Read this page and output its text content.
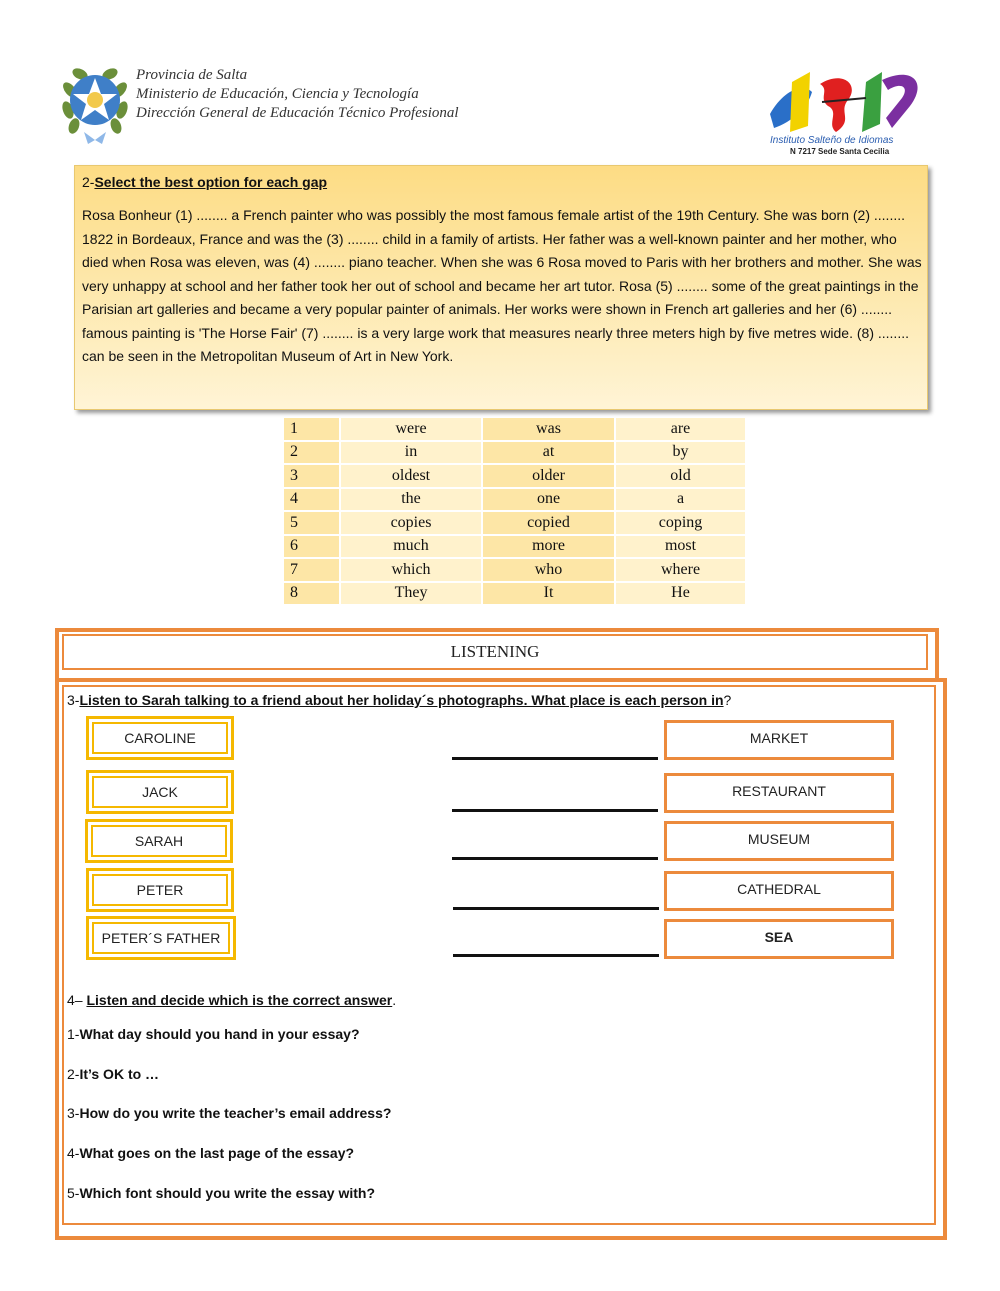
Provincia de Salta
Ministerio de Educación, Ciencia y Tecnología
Dirección General de Educación Técnico Profesional
Instituto Salteño de Idiomas
N 7217 Sede Santa Cecilia
2-Select the best option for each gap
Rosa Bonheur (1) ........ a French painter who was possibly the most famous female artist of the 19th Century. She was born (2) ........ 1822 in Bordeaux, France and was the (3) ........ child in a family of artists. Her father was a well-known painter and her mother, who died when Rosa was eleven, was (4) ........ piano teacher. When she was 6 Rosa moved to Paris with her brothers and mother. She was very unhappy at school and her father took her out of school and became her art tutor. Rosa (5) ........ some of the great paintings in the Parisian art galleries and became a very popular painter of animals. Her works were shown in French art galleries and her (6) ........ famous painting is 'The Horse Fair' (7) ........ is a very large work that measures nearly three meters high by five metres wide. (8) ........ can be seen in the Metropolitan Museum of Art in New York.
1	were	was	are
2	in	at	by
3	oldest	older	old
4	the	one	a
5	copies	copied	coping
6	much	more	most
7	which	who	where
8	They	It	He
LISTENING
3-Listen to Sarah talking to a friend about her holiday´s photographs. What place is each person in?
CAROLINE
JACK
SARAH
PETER
PETER´S FATHER
MARKET
RESTAURANT
MUSEUM
CATHEDRAL
SEA
4– Listen and decide which is the correct answer.
1-What day should you hand in your essay?
2-It’s OK to …
3-How do you write the teacher’s email address?
4-What goes on the last page of the essay?
5-Which font should you write the essay with?
